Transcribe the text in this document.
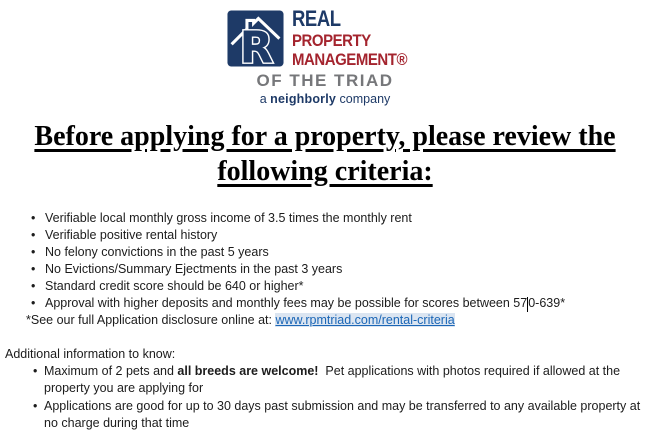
R
REAL
PROPERTY
MANAGEMENT®
OF THE TRIAD
a neighborly company
Before applying for a property, please review the
following criteria:
• Verifiable local monthly gross income of 3.5 times the monthly rent
• Verifiable positive rental history
• No felony convictions in the past 5 years
• No Evictions/Summary Ejectments in the past 3 years
• Standard credit score should be 640 or higher*
• Approval with higher deposits and monthly fees may be possible for scores between 570-639*

*See our full Application disclosure online at: www.rpmtriad.com/rental-criteria

Additional information to know:

• Maximum of 2 pets and all breeds are welcome!  Pet applications with photos required if allowed at the property you are applying for
• Applications are good for up to 30 days past submission and may be transferred to any available property at no charge during that time
